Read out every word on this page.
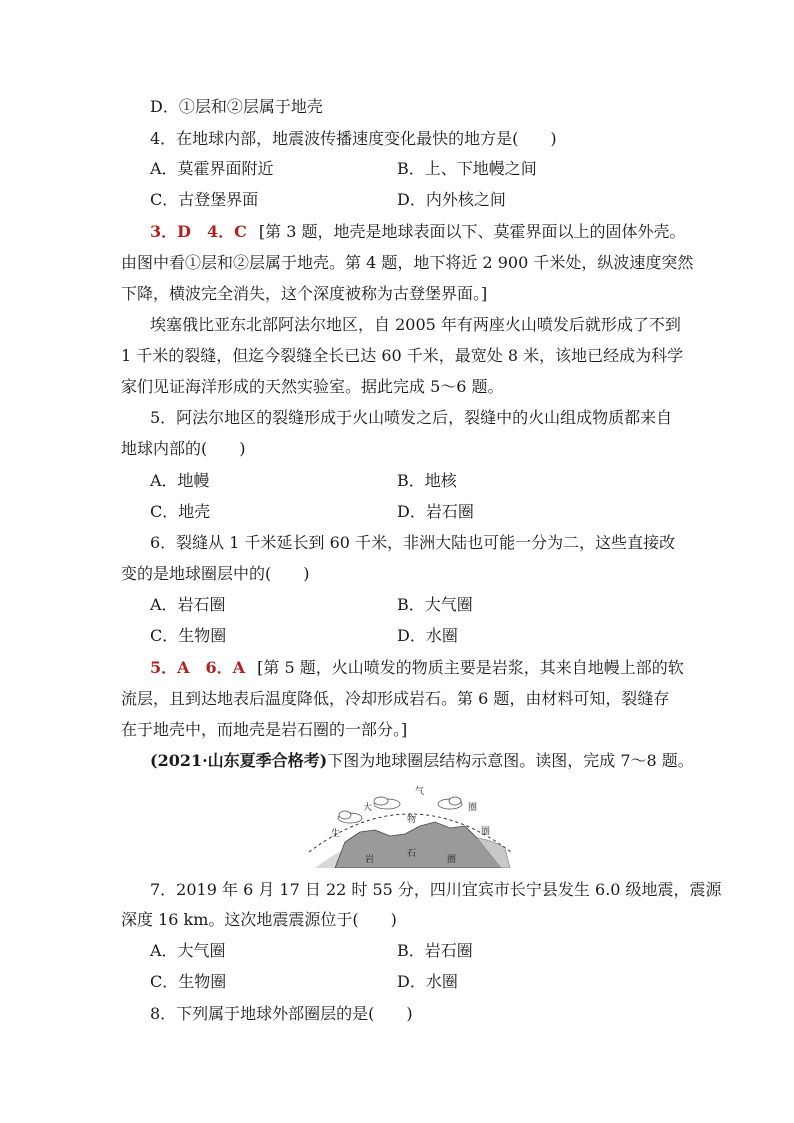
D．①层和②层属于地壳
4．在地球内部，地震波传播速度变化最快的地方是(　　)
A．莫霍界面附近	B．上、下地幔之间
C．古登堡界面	D．内外核之间
3．D　4．C [第 3 题，地壳是地球表面以下、莫霍界面以上的固体外壳。
由图中看①层和②层属于地壳。第 4 题，地下将近 2 900 千米处，纵波速度突然
下降，横波完全消失，这个深度被称为古登堡界面。]
埃塞俄比亚东北部阿法尔地区，自 2005 年有两座火山喷发后就形成了不到
1 千米的裂缝，但迄今裂缝全长已达 60 千米，最宽处 8 米，该地已经成为科学
家们见证海洋形成的天然实验室。据此完成 5～6 题。
5．阿法尔地区的裂缝形成于火山喷发之后，裂缝中的火山组成物质都来自
地球内部的(　　)
A．地幔	B．地核
C．地壳	D．岩石圈
6．裂缝从 1 千米延长到 60 千米，非洲大陆也可能一分为二，这些直接改
变的是地球圈层中的(　　)
A．岩石圈	B．大气圈
C．生物圈	D．水圈
5．A　6．A [第 5 题，火山喷发的物质主要是岩浆，其来自地幔上部的软
流层，且到达地表后温度降低，冷却形成岩石。第 6 题，由材料可知，裂缝存
在于地壳中，而地壳是岩石圈的一部分。]
(2021·山东夏季合格考)下图为地球圈层结构示意图。读图，完成 7～8 题。
生
大
气
圈
圈
物
岩
石
圈
7．2019 年 6 月 17 日 22 时 55 分，四川宜宾市长宁县发生 6.0 级地震，震源
深度 16 km。这次地震震源位于(　　)
A．大气圈	B．岩石圈
C．生物圈	D．水圈
8．下列属于地球外部圈层的是(　　)
